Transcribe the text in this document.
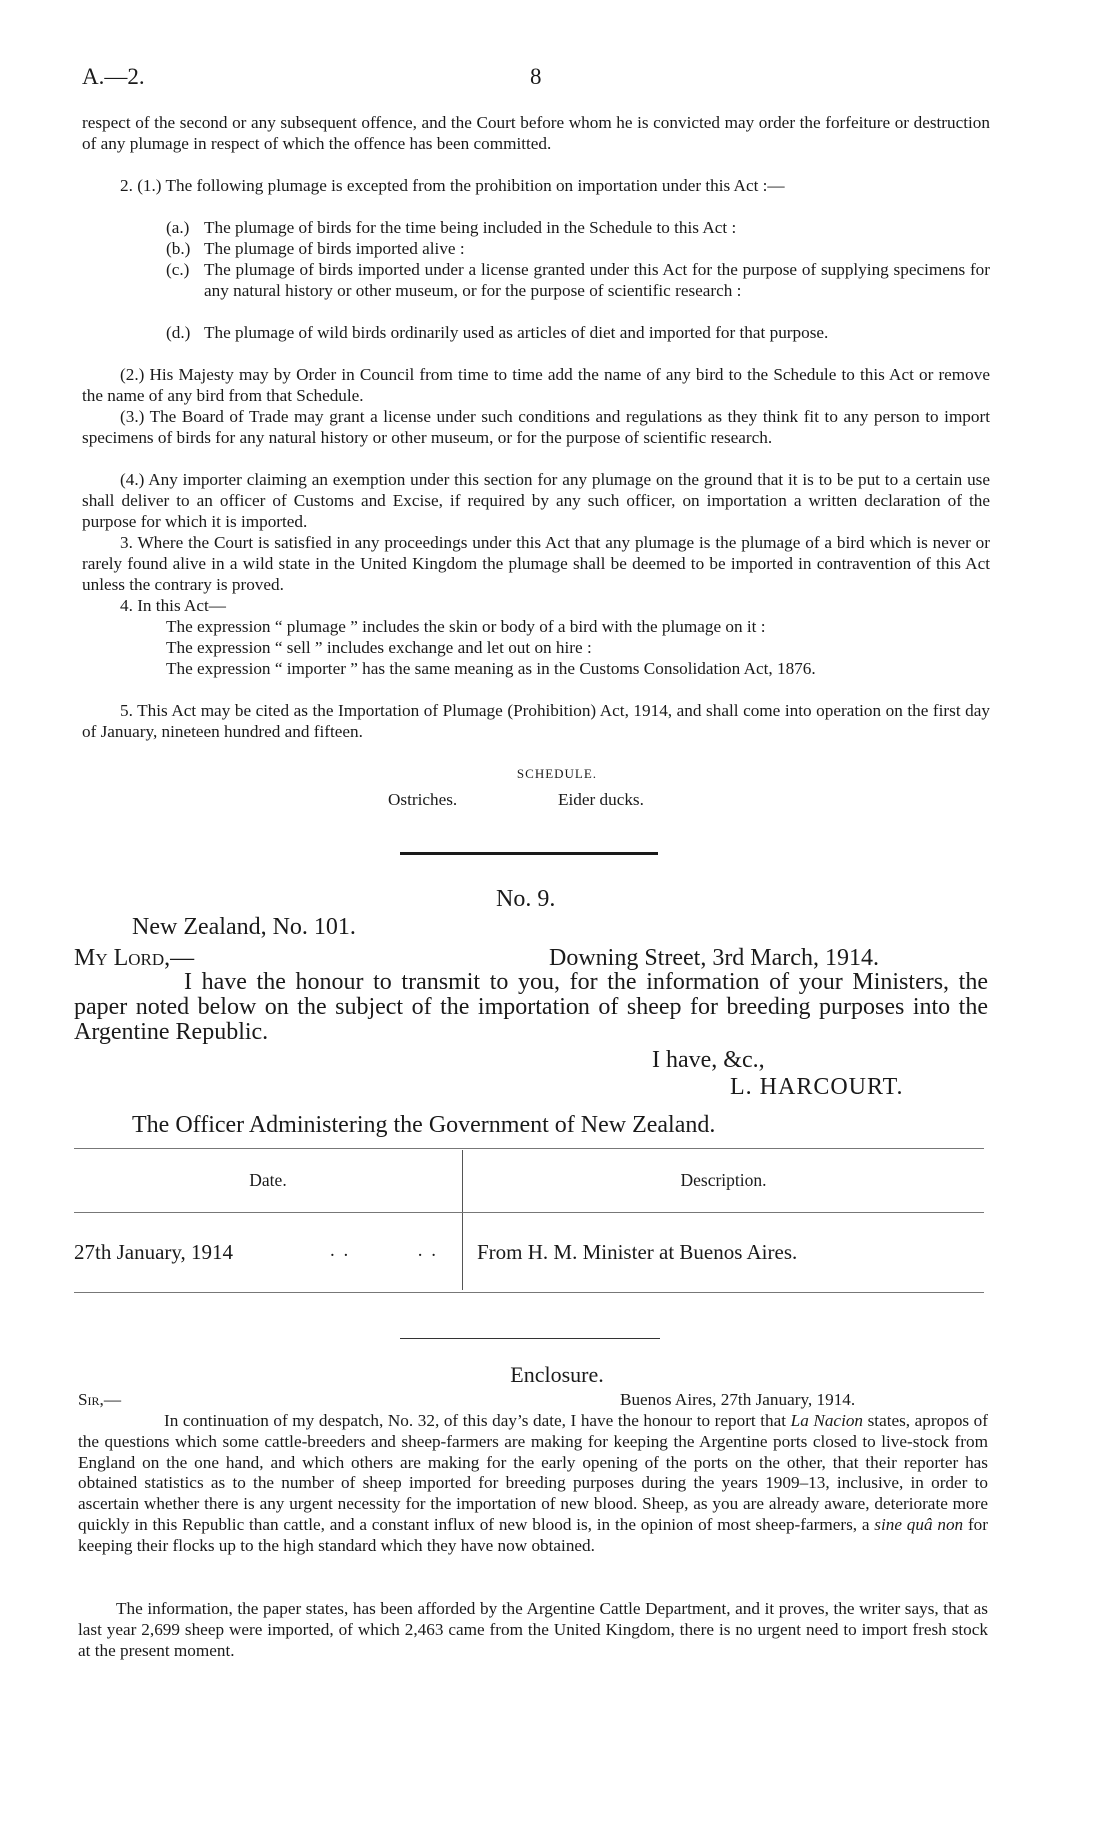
A.—2.	8
respect of the second or any subsequent offence, and the Court before whom he is convicted may order the forfeiture or destruction of any plumage in respect of which the offence has been committed.
2. (1.) The following plumage is excepted from the prohibition on importation under this Act :—
(a.) The plumage of birds for the time being included in the Schedule to this Act :
(b.) The plumage of birds imported alive :
(c.) The plumage of birds imported under a license granted under this Act for the purpose of supplying specimens for any natural history or other museum, or for the purpose of scientific research :
(d.) The plumage of wild birds ordinarily used as articles of diet and imported for that purpose.
(2.) His Majesty may by Order in Council from time to time add the name of any bird to the Schedule to this Act or remove the name of any bird from that Schedule.
(3.) The Board of Trade may grant a license under such conditions and regulations as they think fit to any person to import specimens of birds for any natural history or other museum, or for the purpose of scientific research.
(4.) Any importer claiming an exemption under this section for any plumage on the ground that it is to be put to a certain use shall deliver to an officer of Customs and Excise, if required by any such officer, on importation a written declaration of the purpose for which it is imported.
3. Where the Court is satisfied in any proceedings under this Act that any plumage is the plumage of a bird which is never or rarely found alive in a wild state in the United Kingdom the plumage shall be deemed to be imported in contravention of this Act unless the contrary is proved.
4. In this Act—
The expression “ plumage ” includes the skin or body of a bird with the plumage on it :
The expression “ sell ” includes exchange and let out on hire :
The expression “ importer ” has the same meaning as in the Customs Consolidation Act, 1876.
5. This Act may be cited as the Importation of Plumage (Prohibition) Act, 1914, and shall come into operation on the first day of January, nineteen hundred and fifteen.
SCHEDULE.
Ostriches.	Eider ducks.
No. 9.
New Zealand, No. 101.
My Lord,—	Downing Street, 3rd March, 1914.
I have the honour to transmit to you, for the information of your Ministers, the paper noted below on the subject of the importation of sheep for breeding purposes into the Argentine Republic.
I have, &c.,
L. HARCOURT.
The Officer Administering the Government of New Zealand.
Date.	Description.
27th January, 1914	. .          . . From H. M. Minister at Buenos Aires.
Enclosure.
Sir,—	Buenos Aires, 27th January, 1914.
In continuation of my despatch, No. 32, of this day’s date, I have the honour to report that La Nacion states, apropos of the questions which some cattle-breeders and sheep-farmers are making for keeping the Argentine ports closed to live-stock from England on the one hand, and which others are making for the early opening of the ports on the other, that their reporter has obtained statistics as to the number of sheep imported for breeding purposes during the years 1909–13, inclusive, in order to ascertain whether there is any urgent necessity for the importation of new blood. Sheep, as you are already aware, deteriorate more quickly in this Republic than cattle, and a constant influx of new blood is, in the opinion of most sheep-farmers, a sine quâ non for keeping their flocks up to the high standard which they have now obtained.
The information, the paper states, has been afforded by the Argentine Cattle Department, and it proves, the writer says, that as last year 2,699 sheep were imported, of which 2,463 came from the United Kingdom, there is no urgent need to import fresh stock at the present moment.
